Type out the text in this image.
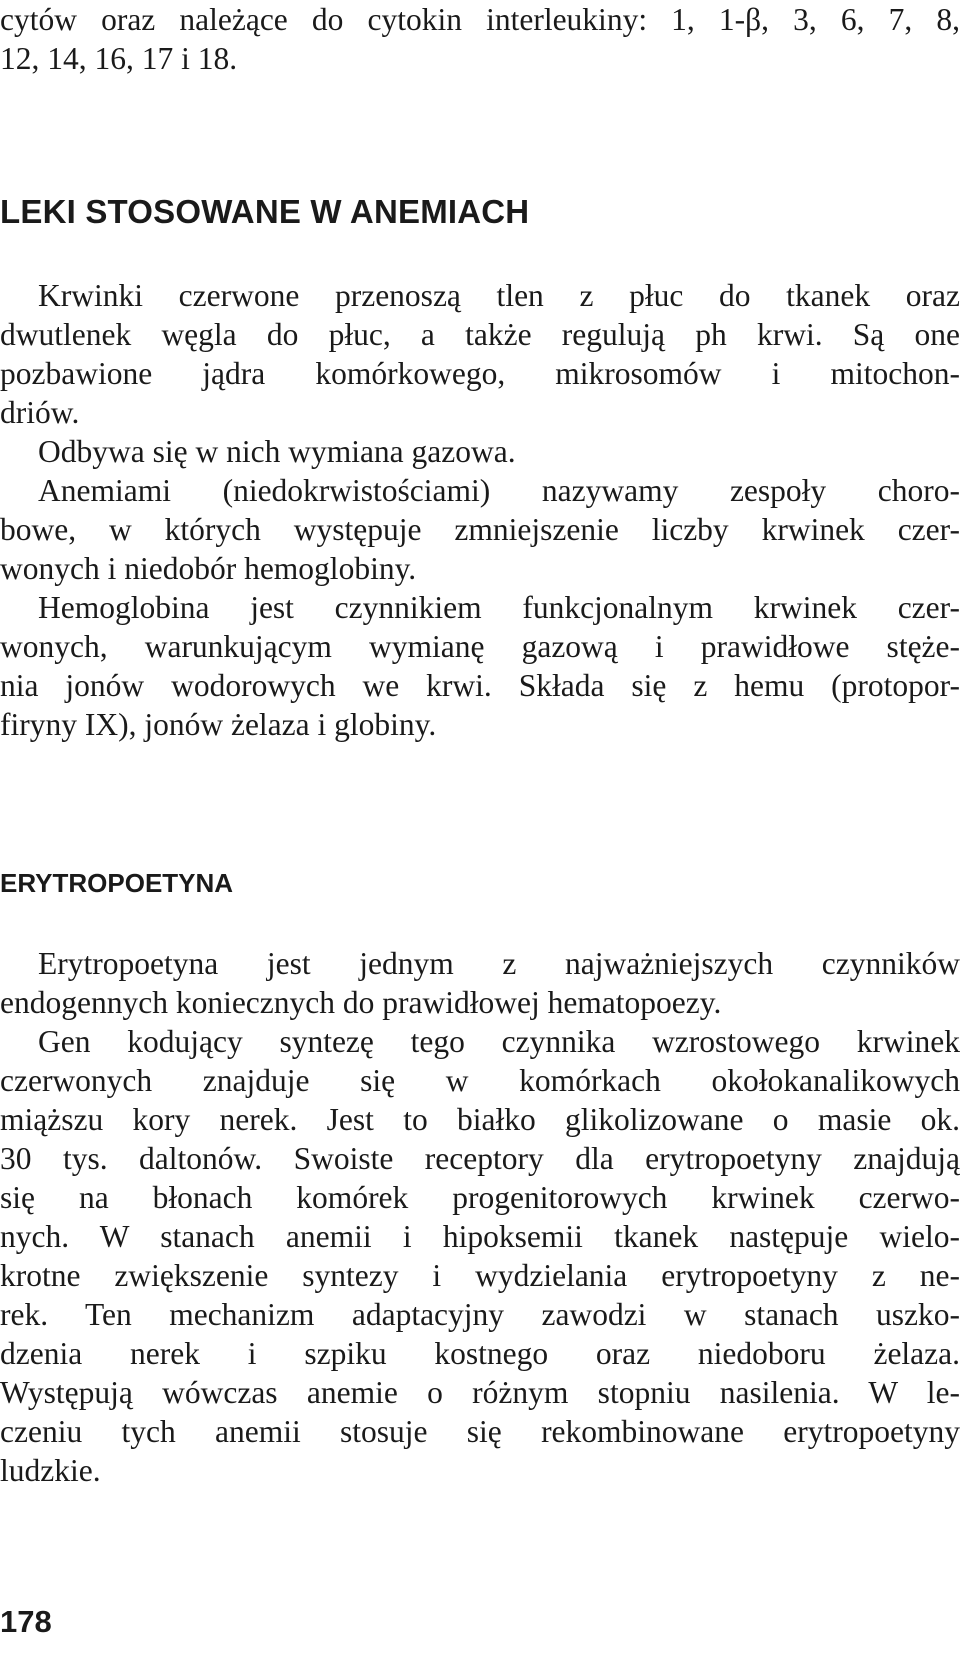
cytów oraz należące do cytokin interleukiny: 1, 1-β, 3, 6, 7, 8,
12, 14, 16, 17 i 18.
LEKI STOSOWANE W ANEMIACH
Krwinki czerwone przenoszą tlen z płuc do tkanek oraz
dwutlenek węgla do płuc, a także regulują ph krwi. Są one
pozbawione jądra komórkowego, mikrosomów i mitochon-
driów.
Odbywa się w nich wymiana gazowa.
Anemiami (niedokrwistościami) nazywamy zespoły choro-
bowe, w których występuje zmniejszenie liczby krwinek czer-
wonych i niedobór hemoglobiny.
Hemoglobina jest czynnikiem funkcjonalnym krwinek czer-
wonych, warunkującym wymianę gazową i prawidłowe stęże-
nia jonów wodorowych we krwi. Składa się z hemu (protopor-
firyny IX), jonów żelaza i globiny.
ERYTROPOETYNA
Erytropoetyna jest jednym z najważniejszych czynników
endogennych koniecznych do prawidłowej hematopoezy.
Gen kodujący syntezę tego czynnika wzrostowego krwinek
czerwonych znajduje się w komórkach okołokanalikowych
miąższu kory nerek. Jest to białko glikolizowane o masie ok.
30 tys. daltonów. Swoiste receptory dla erytropoetyny znajdują
się na błonach komórek progenitorowych krwinek czerwo-
nych. W stanach anemii i hipoksemii tkanek następuje wielo-
krotne zwiększenie syntezy i wydzielania erytropoetyny z ne-
rek. Ten mechanizm adaptacyjny zawodzi w stanach uszko-
dzenia nerek i szpiku kostnego oraz niedoboru żelaza.
Występują wówczas anemie o różnym stopniu nasilenia. W le-
czeniu tych anemii stosuje się rekombinowane erytropoetyny
ludzkie.
178
